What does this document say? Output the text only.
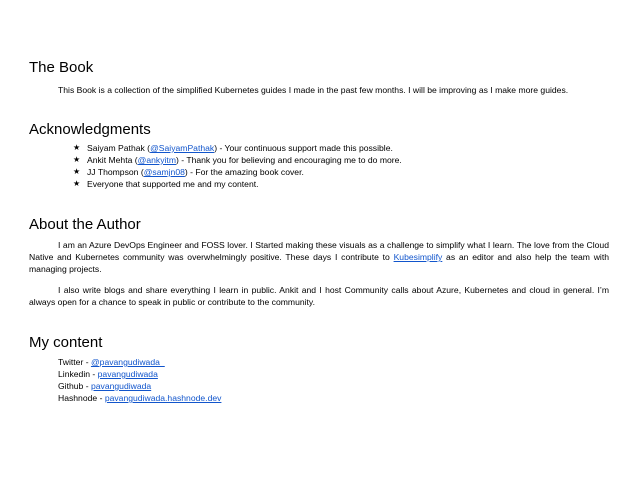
The Book

This Book is a collection of the simplified Kubernetes guides I made in the past few months. I will be improving as I make more guides.

Acknowledgments
★ Saiyam Pathak (@SaiyamPathak) - Your continuous support made this possible.
★ Ankit Mehta (@ankyitm) - Thank you for believing and encouraging me to do more.
★ JJ Thompson (@samjn08) - For the amazing book cover.
★ Everyone that supported me and my content.
About the Author

I am an Azure DevOps Engineer and FOSS lover. I Started making these visuals as a challenge to simplify what I learn. The love from the Cloud Native and Kubernetes community was overwhelmingly positive. These days I contribute to Kubesimplify as an editor and also help the team with managing projects.

I also write blogs and share everything I learn in public. Ankit and I host Community calls about Azure, Kubernetes and cloud in general. I’m always open for a chance to speak in public or contribute to the community.

My content
Twitter - @pavangudiwada_
Linkedin - pavangudiwada
Github - pavangudiwada
Hashnode - pavangudiwada.hashnode.dev
